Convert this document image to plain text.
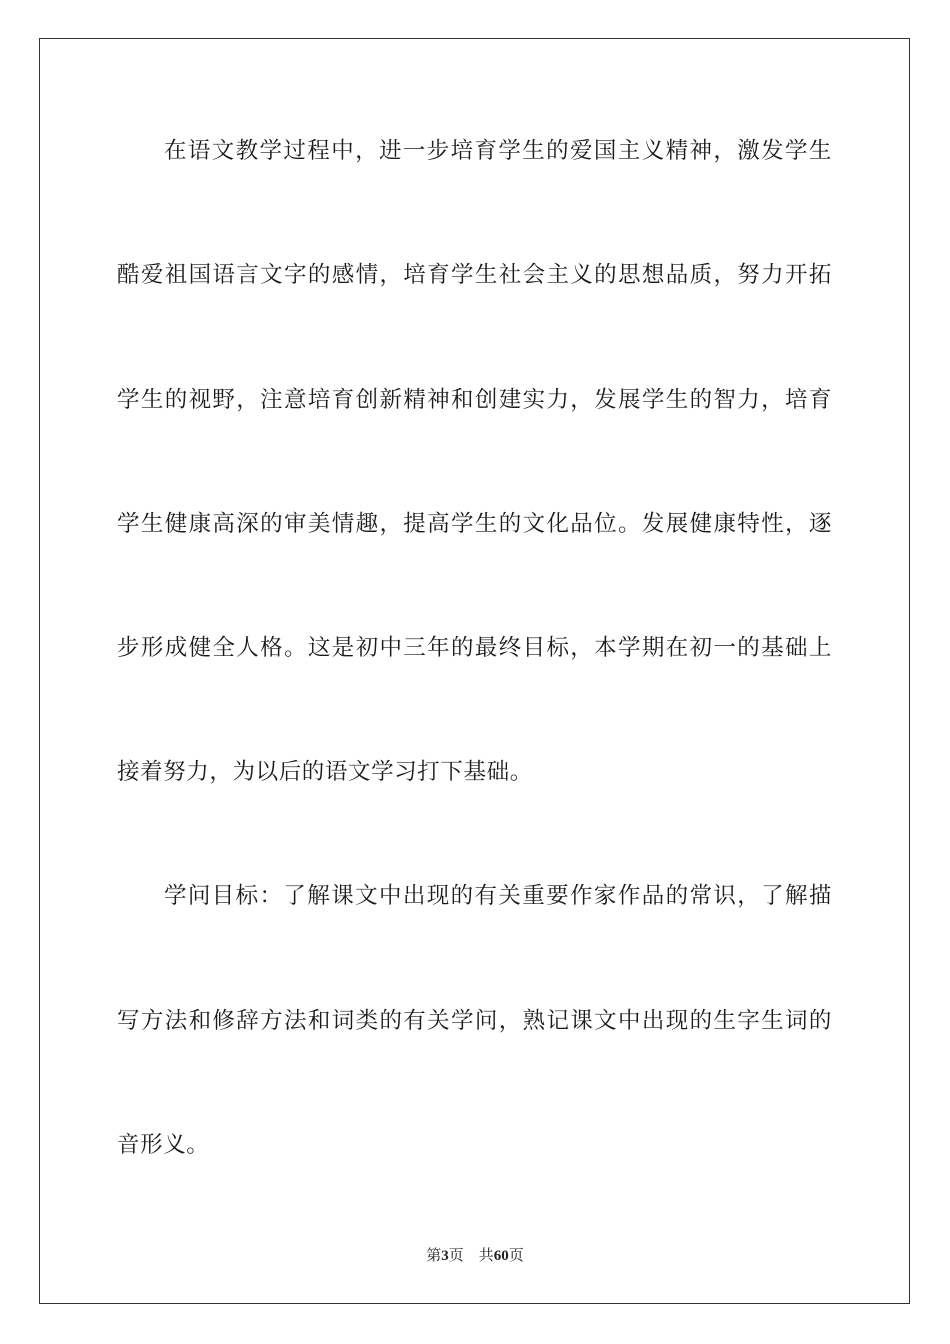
在语文教学过程中，进一步培育学生的爱国主义精神，激发学生
酷爱祖国语言文字的感情，培育学生社会主义的思想品质，努力开拓
学生的视野，注意培育创新精神和创建实力，发展学生的智力，培育
学生健康高深的审美情趣，提高学生的文化品位。发展健康特性，逐
步形成健全人格。这是初中三年的最终目标，本学期在初一的基础上
接着努力，为以后的语文学习打下基础。
学问目标：了解课文中出现的有关重要作家作品的常识，了解描
写方法和修辞方法和词类的有关学问，熟记课文中出现的生字生词的
音形义。
第3页 共60页
